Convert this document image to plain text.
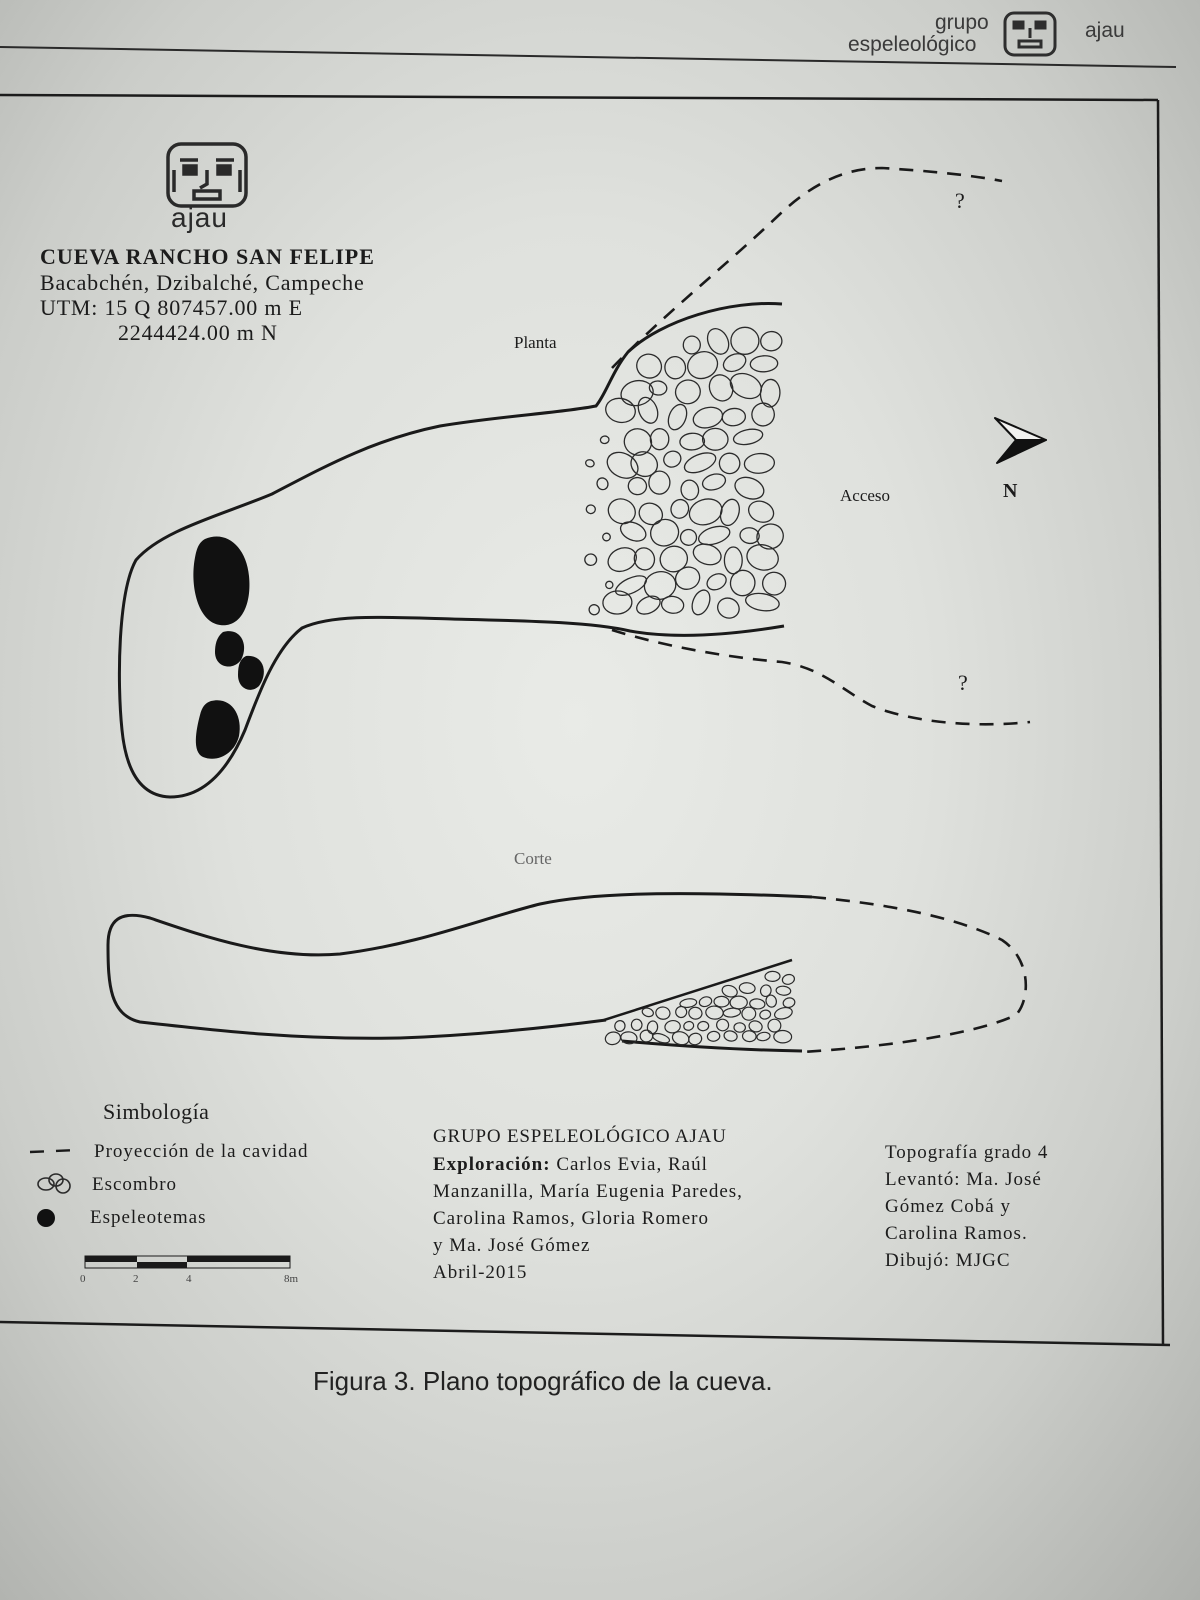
grupo
espeleológico
ajau
ajau
CUEVA RANCHO SAN FELIPE
Bacabchén, Dzibalché, Campeche
UTM: 15 Q 807457.00 m E
2244424.00 m N	Planta
?
?
Acceso	N
Corte
Simbología
Proyección de la cavidad
Escombro
Espeleotemas
0	2	4	8m
GRUPO ESPELEOLÓGICO AJAU
Exploración: Carlos Evia, Raúl
Manzanilla, María Eugenia Paredes,
Carolina Ramos, Gloria Romero
y Ma. José Gómez
Abril-2015
Topografía grado 4
Levantó: Ma. José
Gómez Cobá y
Carolina Ramos.
Dibujó: MJGC
Figura 3. Plano topográfico de la cueva.
